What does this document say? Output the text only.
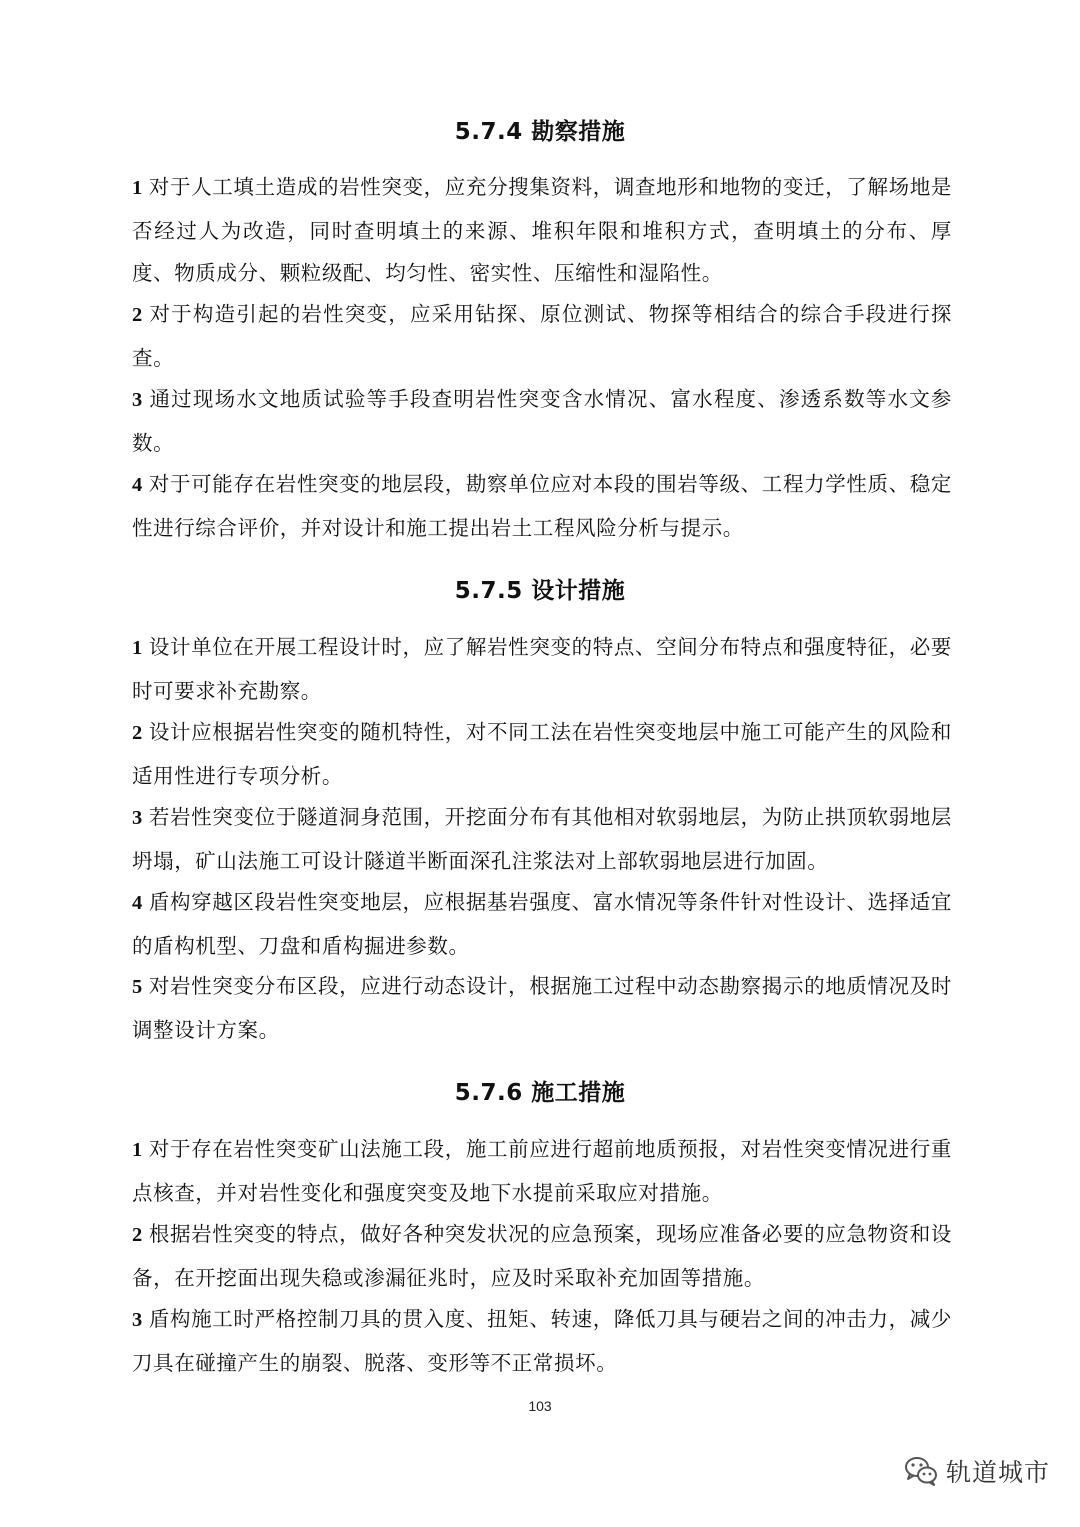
5.7.4 勘察措施
1 对于人工填土造成的岩性突变，应充分搜集资料，调查地形和地物的变迁，了解场地是否经过人为改造，同时查明填土的来源、堆积年限和堆积方式，查明填土的分布、厚度、物质成分、颗粒级配、均匀性、密实性、压缩性和湿陷性。
2 对于构造引起的岩性突变，应采用钻探、原位测试、物探等相结合的综合手段进行探查。
3 通过现场水文地质试验等手段查明岩性突变含水情况、富水程度、渗透系数等水文参数。
4 对于可能存在岩性突变的地层段，勘察单位应对本段的围岩等级、工程力学性质、稳定性进行综合评价，并对设计和施工提出岩土工程风险分析与提示。
5.7.5 设计措施
1 设计单位在开展工程设计时，应了解岩性突变的特点、空间分布特点和强度特征，必要时可要求补充勘察。
2 设计应根据岩性突变的随机特性，对不同工法在岩性突变地层中施工可能产生的风险和适用性进行专项分析。
3 若岩性突变位于隧道洞身范围，开挖面分布有其他相对软弱地层，为防止拱顶软弱地层坍塌，矿山法施工可设计隧道半断面深孔注浆法对上部软弱地层进行加固。
4 盾构穿越区段岩性突变地层，应根据基岩强度、富水情况等条件针对性设计、选择适宜的盾构机型、刀盘和盾构掘进参数。
5 对岩性突变分布区段，应进行动态设计，根据施工过程中动态勘察揭示的地质情况及时调整设计方案。
5.7.6 施工措施
1 对于存在岩性突变矿山法施工段，施工前应进行超前地质预报，对岩性突变情况进行重点核查，并对岩性变化和强度突变及地下水提前采取应对措施。
2 根据岩性突变的特点，做好各种突发状况的应急预案，现场应准备必要的应急物资和设备，在开挖面出现失稳或渗漏征兆时，应及时采取补充加固等措施。
3 盾构施工时严格控制刀具的贯入度、扭矩、转速，降低刀具与硬岩之间的冲击力，减少刀具在碰撞产生的崩裂、脱落、变形等不正常损坏。
103
轨道城市
